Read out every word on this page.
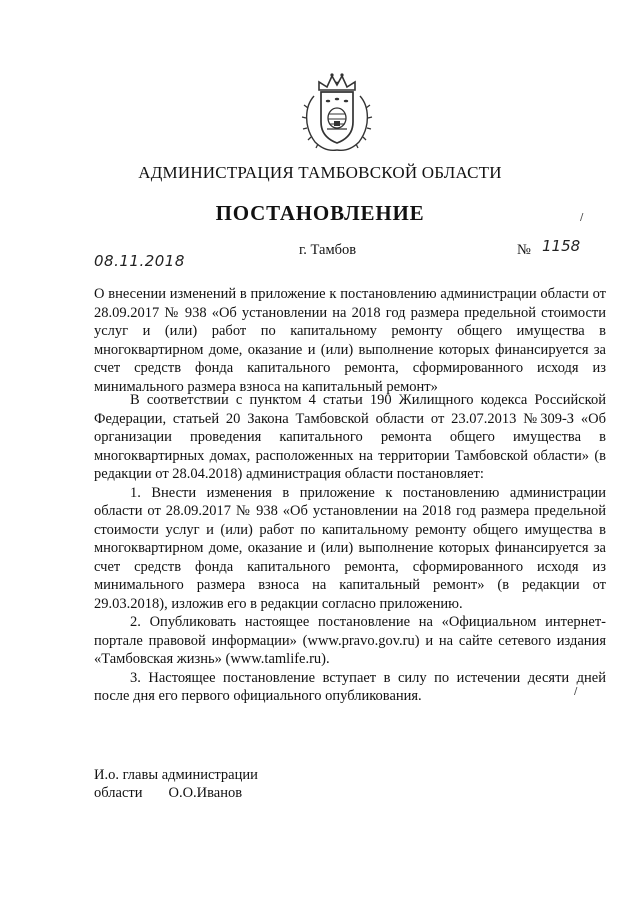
АДМИНИСТРАЦИЯ ТАМБОВСКОЙ ОБЛАСТИ
ПОСТАНОВЛЕНИЕ
г. Тамбов	№ 1158
08.11.2018
/
О внесении изменений в приложение к постановлению администрации области от 28.09.2017 № 938 «Об установлении на 2018 год размера предельной стоимости услуг и (или) работ по капитальному ремонту общего имущества в многоквартирном доме, оказание и (или) выполнение которых финансируется за счет средств фонда капитального ремонта, сформированного исходя из минимального размера взноса на капитальный ремонт»

В соответствии с пунктом 4 статьи 190 Жилищного кодекса Российской Федерации, статьей 20 Закона Тамбовской области от 23.07.2013 №309-З «Об организации проведения капитального ремонта общего имущества в многоквартирных домах, расположенных на территории Тамбовской области» (в редакции от 28.04.2018) администрация области постановляет:

1. Внести изменения в приложение к постановлению администрации области от 28.09.2017 № 938 «Об установлении на 2018 год размера предельной стоимости услуг и (или) работ по капитальному ремонту общего имущества в многоквартирном доме, оказание и (или) выполнение которых финансируется за счет средств фонда капитального ремонта, сформированного исходя из минимального размера взноса на капитальный ремонт» (в редакции от 29.03.2018), изложив его в редакции согласно приложению.

2. Опубликовать настоящее постановление на «Официальном интернет-портале правовой информации» (www.pravo.gov.ru) и на сайте сетевого издания «Тамбовская жизнь» (www.tamlife.ru).

3. Настоящее постановление вступает в силу по истечении десяти дней после дня его первого официального опубликования.	/
И.о. главы администрации
области О.О.Иванов
